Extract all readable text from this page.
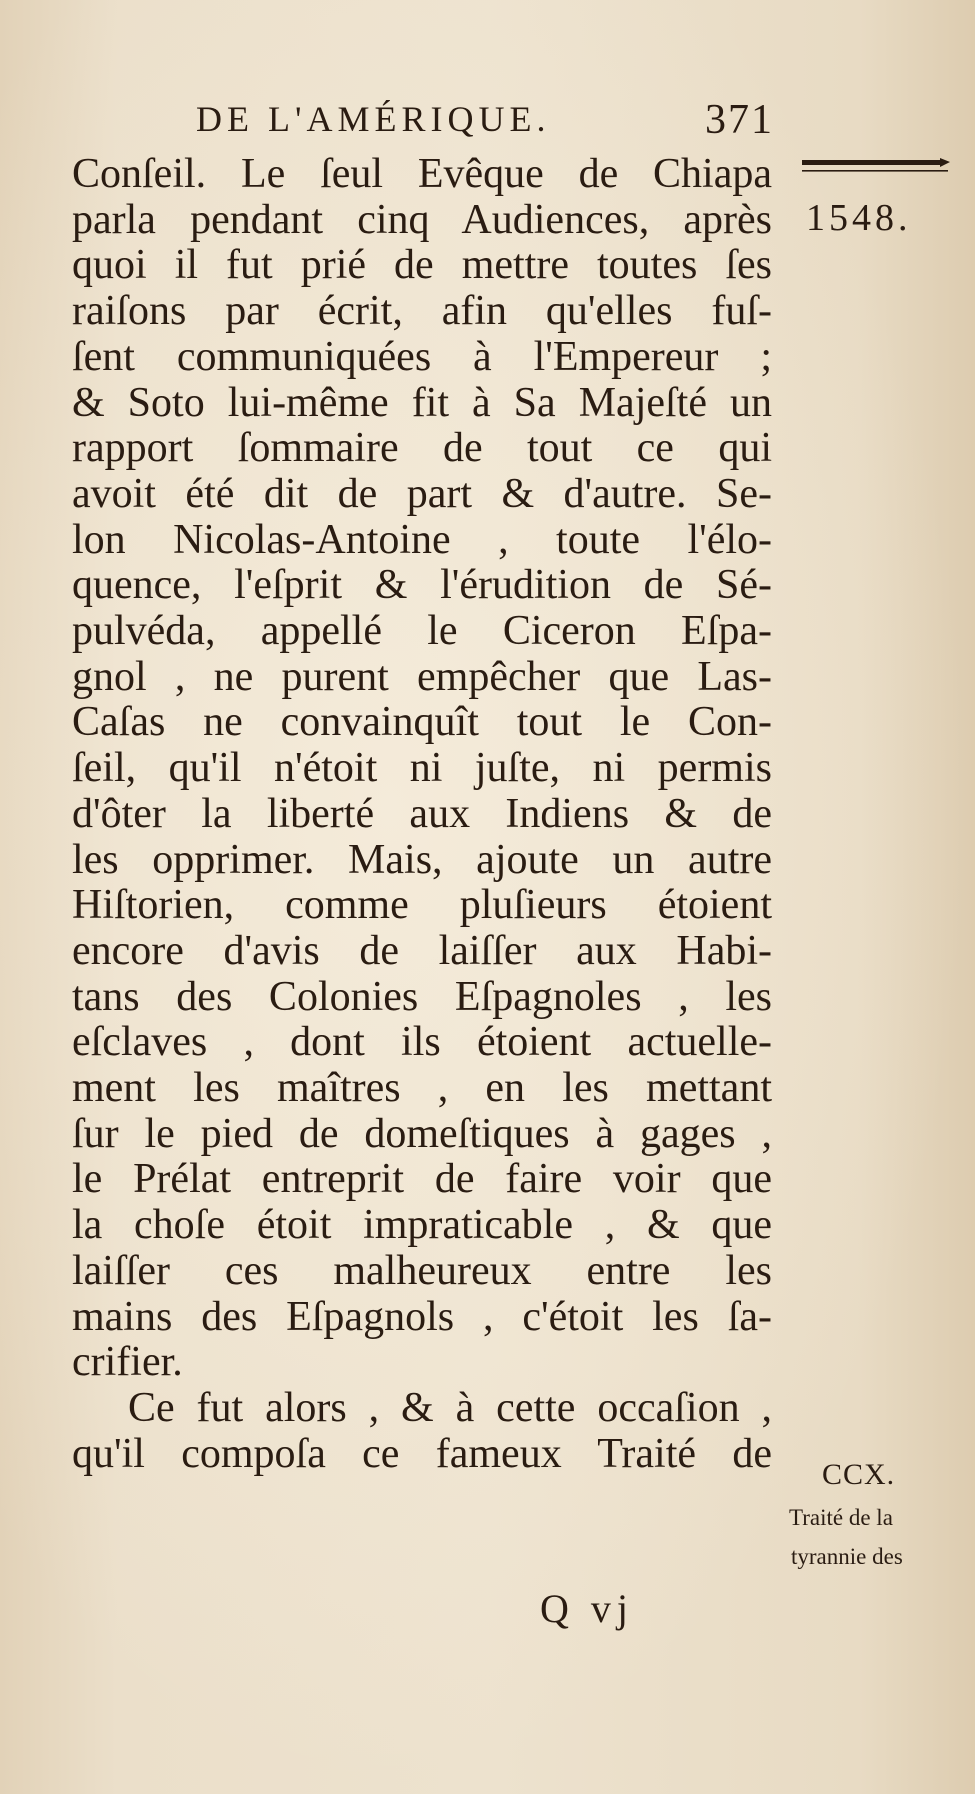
DE L'AMÉRIQUE.	371
1548.
Conſeil. Le ſeul Evêque de Chiapa
parla pendant cinq Audiences, après
quoi il fut prié de mettre toutes ſes
raiſons par écrit, afin qu'elles fuſ-
ſent communiquées à l'Empereur ;
& Soto lui-même fit à Sa Majeſté un
rapport ſommaire de tout ce qui
avoit été dit de part & d'autre. Se-
lon Nicolas-Antoine , toute l'élo-
quence, l'eſprit & l'érudition de Sé-
pulvéda, appellé le Ciceron Eſpa-
gnol , ne purent empêcher que Las-
Caſas ne convainquît tout le Con-
ſeil, qu'il n'étoit ni juſte, ni permis
d'ôter la liberté aux Indiens & de
les opprimer. Mais, ajoute un autre
Hiſtorien, comme pluſieurs étoient
encore d'avis de laiſſer aux Habi-
tans des Colonies Eſpagnoles , les
eſclaves , dont ils étoient actuelle-
ment les maîtres , en les mettant
ſur le pied de domeſtiques à gages ,
le Prélat entreprit de faire voir que
la choſe étoit impraticable , & que
laiſſer ces malheureux entre les
mains des Eſpagnols , c'étoit les ſa-
crifier.
Ce fut alors , & à cette occaſion ,
qu'il compoſa ce fameux Traité de CCX.
Traité de la
tyrannie des
Q vj
